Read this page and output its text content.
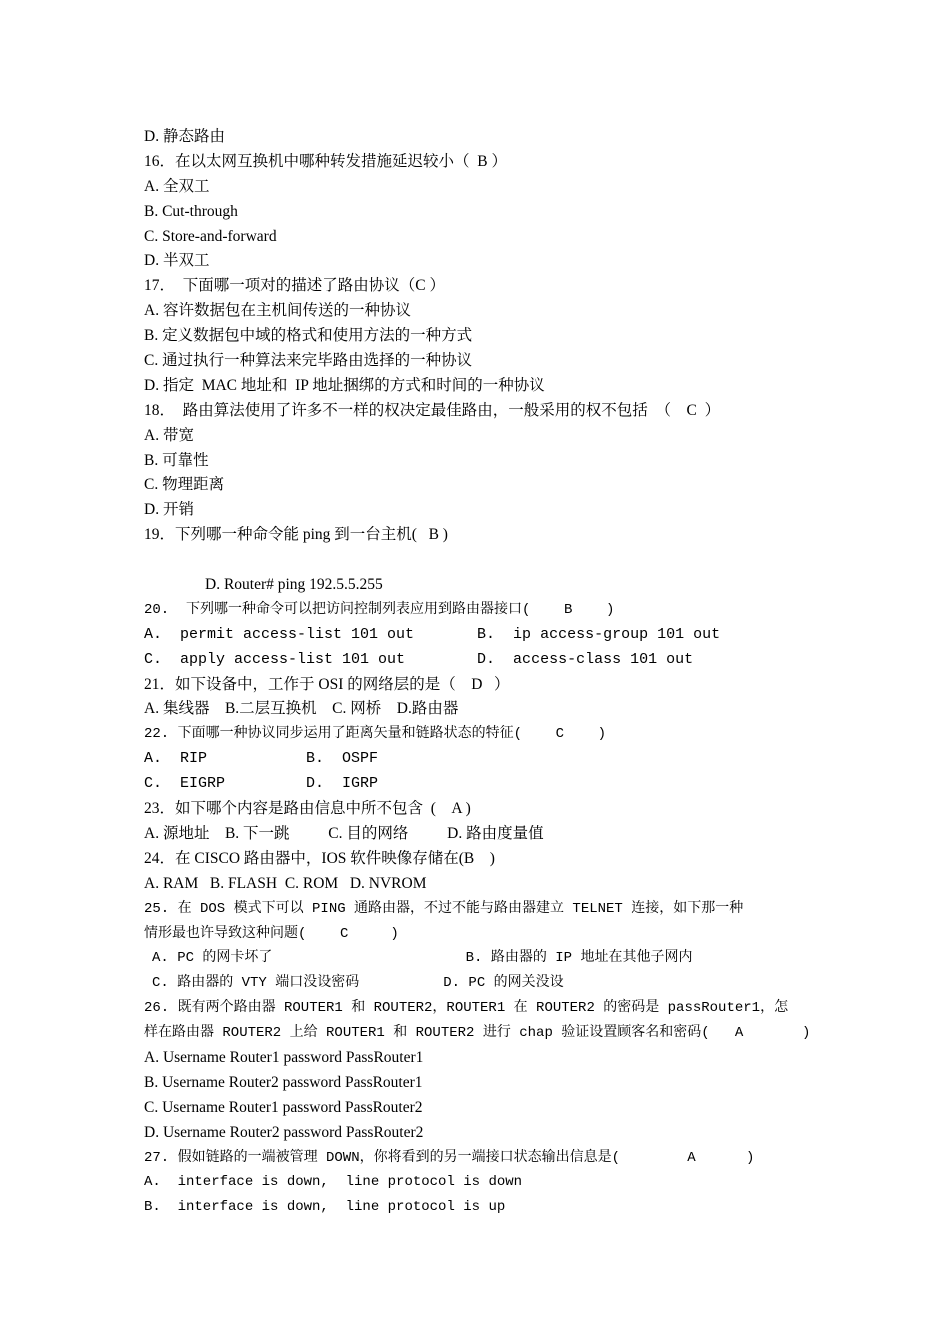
D. 静态路由
16．在以太网互换机中哪种转发措施延迟较小（  B ）
A. 全双工
B. Cut-through
C. Store-and-forward
D. 半双工
17．  下面哪一项对的描述了路由协议（C ）
A. 容许数据包在主机间传送的一种协议
B. 定义数据包中域的格式和使用方法的一种方式
C. 通过执行一种算法来完毕路由选择的一种协议
D. 指定  MAC 地址和  IP 地址捆绑的方式和时间的一种协议
18．  路由算法使用了许多不一样的权决定最佳路由，一般采用的权不包括  （    C  ）
A. 带宽
B. 可靠性
C. 物理距离
D. 开销
19．下列哪一种命令能 ping 到一台主机(   B )
D. Router# ping 192.5.5.255
20.  下列哪一种命令可以把访问控制列表应用到路由器接口(    B    )
A.  permit access-list 101 out       B.  ip access-group 101 out
C.  apply access-list 101 out        D.  access-class 101 out
21．如下设备中，工作于 OSI 的网络层的是（    D   ）
A. 集线器    B.二层互换机    C. 网桥    D.路由器
22. 下面哪一种协议同步运用了距离矢量和链路状态的特征(    C    )
A.  RIP           B.  OSPF
C.  EIGRP         D.  IGRP
23．如下哪个内容是路由信息中所不包含  (    A )
A. 源地址    B. 下一跳          C. 目的网络          D. 路由度量值
24．在 CISCO 路由器中，IOS 软件映像存储在(B    )
A. RAM   B. FLASH  C. ROM   D. NVROM
25. 在 DOS 模式下可以 PING 通路由器，不过不能与路由器建立 TELNET 连接，如下那一种
情形最也许导致这种问题(    C     )
A. PC 的网卡坏了                       B. 路由器的 IP 地址在其他子网内
C. 路由器的 VTY 端口没设密码          D. PC 的网关没设
26. 既有两个路由器 ROUTER1 和 ROUTER2，ROUTER1 在 ROUTER2 的密码是 passRouter1，怎
样在路由器 ROUTER2 上给 ROUTER1 和 ROUTER2 进行 chap 验证设置顾客名和密码(   A       )
A. Username Router1 password PassRouter1
B. Username Router2 password PassRouter1
C. Username Router1 password PassRouter2
D. Username Router2 password PassRouter2
27. 假如链路的一端被管理 DOWN，你将看到的另一端接口状态输出信息是(        A      )
A.  interface is down,  line protocol is down
B.  interface is down,  line protocol is up
